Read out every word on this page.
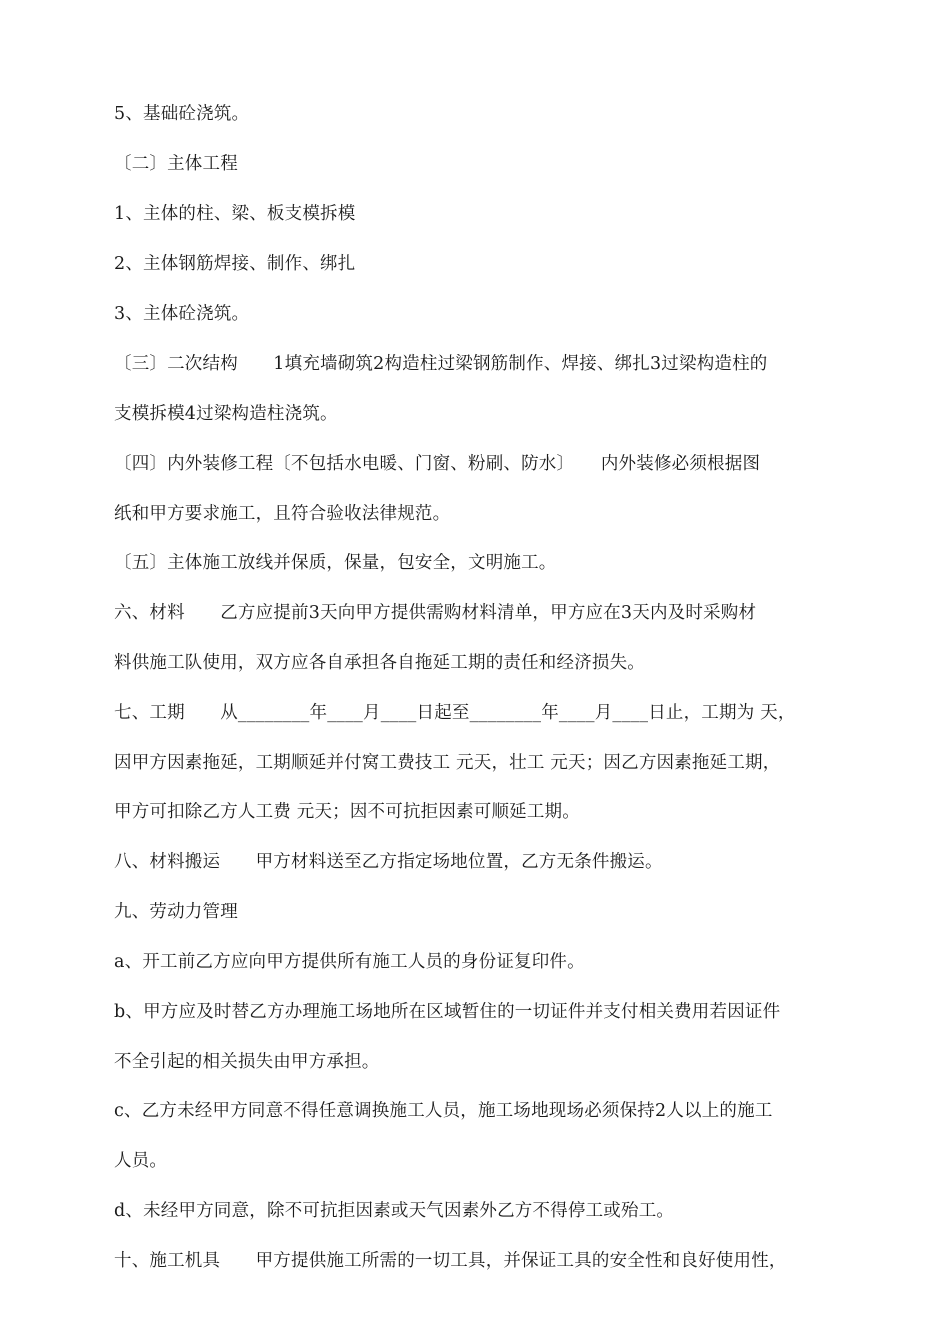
5、基础砼浇筑。
〔二〕主体工程
1、主体的柱、梁、板支模拆模
2、主体钢筋焊接、制作、绑扎
3、主体砼浇筑。
〔三〕二次结构　　1填充墙砌筑2构造柱过梁钢筋制作、焊接、绑扎3过梁构造柱的
支模拆模4过梁构造柱浇筑。
〔四〕内外装修工程〔不包括水电暖、门窗、粉刷、防水〕　　内外装修必须根据图
纸和甲方要求施工，且符合验收法律规范。
〔五〕主体施工放线并保质，保量，包安全，文明施工。
六、材料　　乙方应提前3天向甲方提供需购材料清单，甲方应在3天内及时采购材
料供施工队使用，双方应各自承担各自拖延工期的责任和经济损失。
七、工期　　从________年____月____日起至________年____月____日止，工期为 天，
因甲方因素拖延，工期顺延并付窝工费技工 元天，壮工 元天；因乙方因素拖延工期，
甲方可扣除乙方人工费 元天；因不可抗拒因素可顺延工期。
八、材料搬运　　甲方材料送至乙方指定场地位置，乙方无条件搬运。
九、劳动力管理
a、开工前乙方应向甲方提供所有施工人员的身份证复印件。
b、甲方应及时替乙方办理施工场地所在区域暂住的一切证件并支付相关费用若因证件
不全引起的相关损失由甲方承担。
c、乙方未经甲方同意不得任意调换施工人员，施工场地现场必须保持2人以上的施工
人员。
d、未经甲方同意，除不可抗拒因素或天气因素外乙方不得停工或殆工。
十、施工机具　　甲方提供施工所需的一切工具，并保证工具的安全性和良好使用性，
